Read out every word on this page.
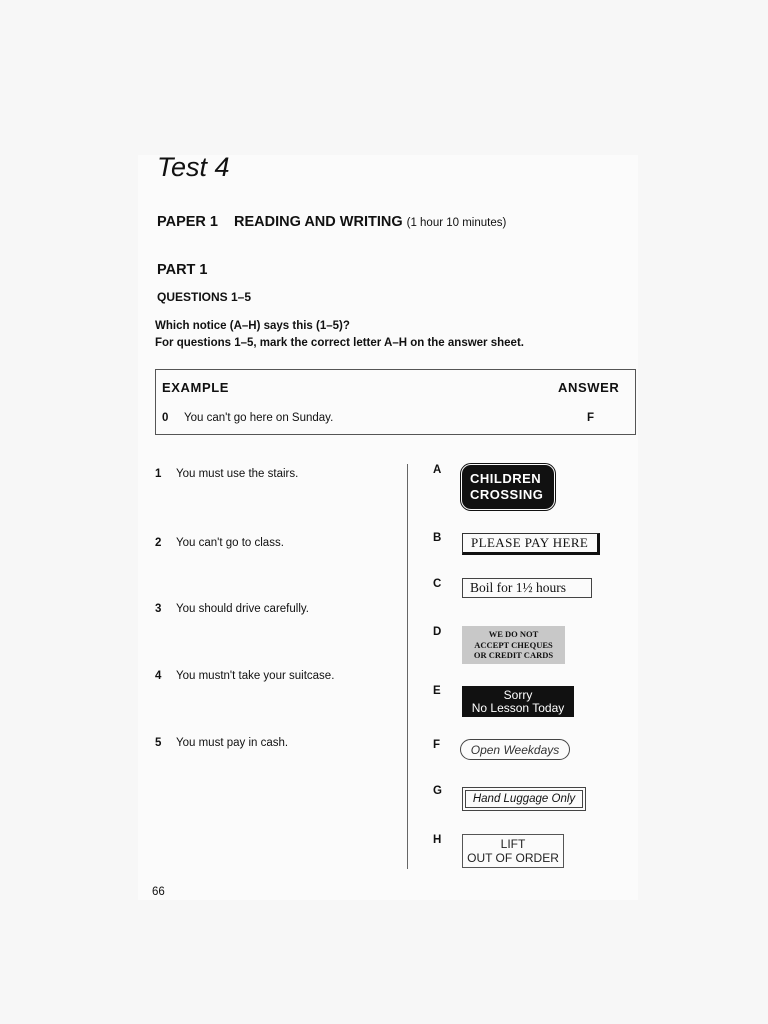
Test 4
PAPER 1 READING AND WRITING (1 hour 10 minutes)
PART 1
QUESTIONS 1–5
Which notice (A–H) says this (1–5)?
For questions 1–5, mark the correct letter A–H on the answer sheet.
EXAMPLE	ANSWER
0 You can't go here on Sunday.	F
1 You must use the stairs.
2 You can't go to class.
3 You should drive carefully.
4 You mustn't take your suitcase.
5 You must pay in cash.
A
B
C
D
E
F
G
H
CHILDREN
CROSSING
PLEASE PAY HERE
Boil for 1½ hours
WE DO NOT
ACCEPT CHEQUES
OR CREDIT CARDS
Sorry
No Lesson Today
Open Weekdays
Hand Luggage Only
LIFT
OUT OF ORDER
66
